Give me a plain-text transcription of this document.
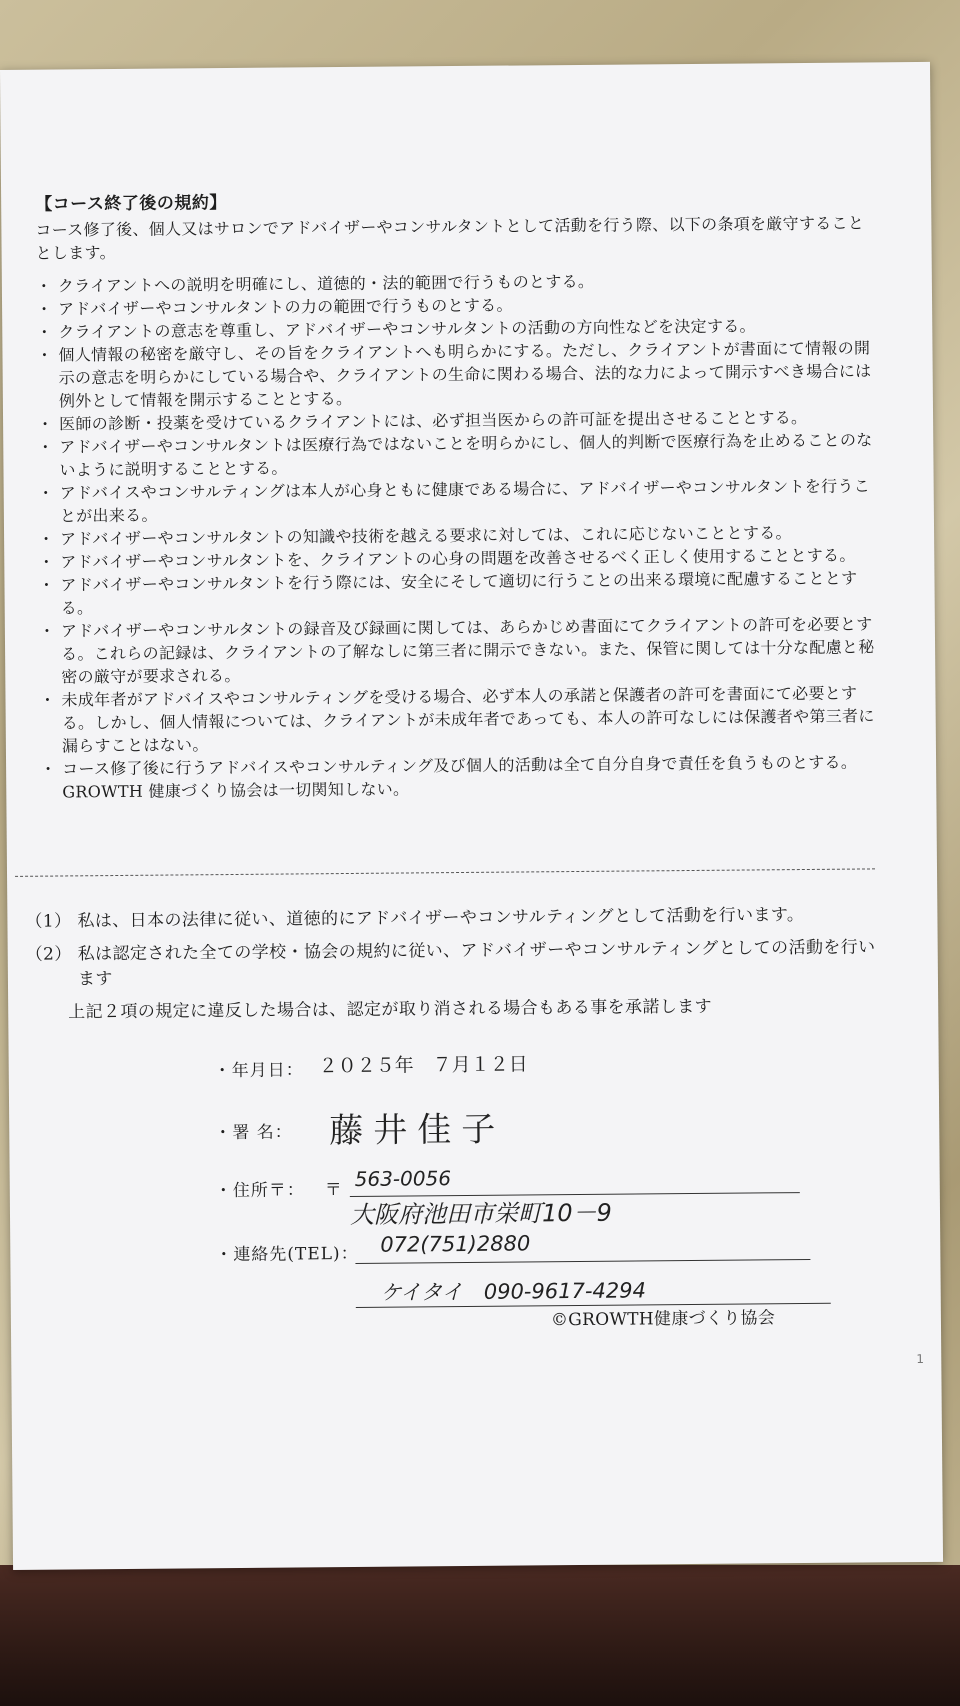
【コース終了後の規約】

コース修了後、個人又はサロンでアドバイザーやコンサルタントとして活動を行う際、以下の条項を厳守することとします。

・ クライアントへの説明を明確にし、道徳的・法的範囲で行うものとする。
・ アドバイザーやコンサルタントの力の範囲で行うものとする。
・ クライアントの意志を尊重し、アドバイザーやコンサルタントの活動の方向性などを決定する。
・ 個人情報の秘密を厳守し、その旨をクライアントへも明らかにする。ただし、クライアントが書面にて情報の開示の意志を明らかにしている場合や、クライアントの生命に関わる場合、法的な力によって開示すべき場合には例外として情報を開示することとする。
・ 医師の診断・投薬を受けているクライアントには、必ず担当医からの許可証を提出させることとする。
・ アドバイザーやコンサルタントは医療行為ではないことを明らかにし、個人的判断で医療行為を止めることのないように説明することとする。
・ アドバイスやコンサルティングは本人が心身ともに健康である場合に、アドバイザーやコンサルタントを行うことが出来る。
・ アドバイザーやコンサルタントの知識や技術を越える要求に対しては、これに応じないこととする。
・ アドバイザーやコンサルタントを、クライアントの心身の問題を改善させるべく正しく使用することとする。
・ アドバイザーやコンサルタントを行う際には、安全にそして適切に行うことの出来る環境に配慮することとする。
・ アドバイザーやコンサルタントの録音及び録画に関しては、あらかじめ書面にてクライアントの許可を必要とする。これらの記録は、クライアントの了解なしに第三者に開示できない。また、保管に関しては十分な配慮と秘密の厳守が要求される。
・ 未成年者がアドバイスやコンサルティングを受ける場合、必ず本人の承諾と保護者の許可を書面にて必要とする。しかし、個人情報については、クライアントが未成年者であっても、本人の許可なしには保護者や第三者に漏らすことはない。
・ コース修了後に行うアドバイスやコンサルティング及び個人的活動は全て自分自身で責任を負うものとする。GROWTH 健康づくり協会は一切関知しない。

（1） 私は、日本の法律に従い、道徳的にアドバイザーやコンサルティングとして活動を行います。

（2） 私は認定された全ての学校・協会の規約に従い、アドバイザーやコンサルティングとしての活動を行います

上記２項の規定に違反した場合は、認定が取り消される場合もある事を承諾します

・年月日： ２０２５年　７月１２日
・署 名： 藤井佳子
・住所〒： 〒 563-0056
大阪府池田市栄町10－9
・連絡先(TEL)： 072(751)2880
ケイタイ　090-9617-4294
©GROWTH健康づくり協会
1
